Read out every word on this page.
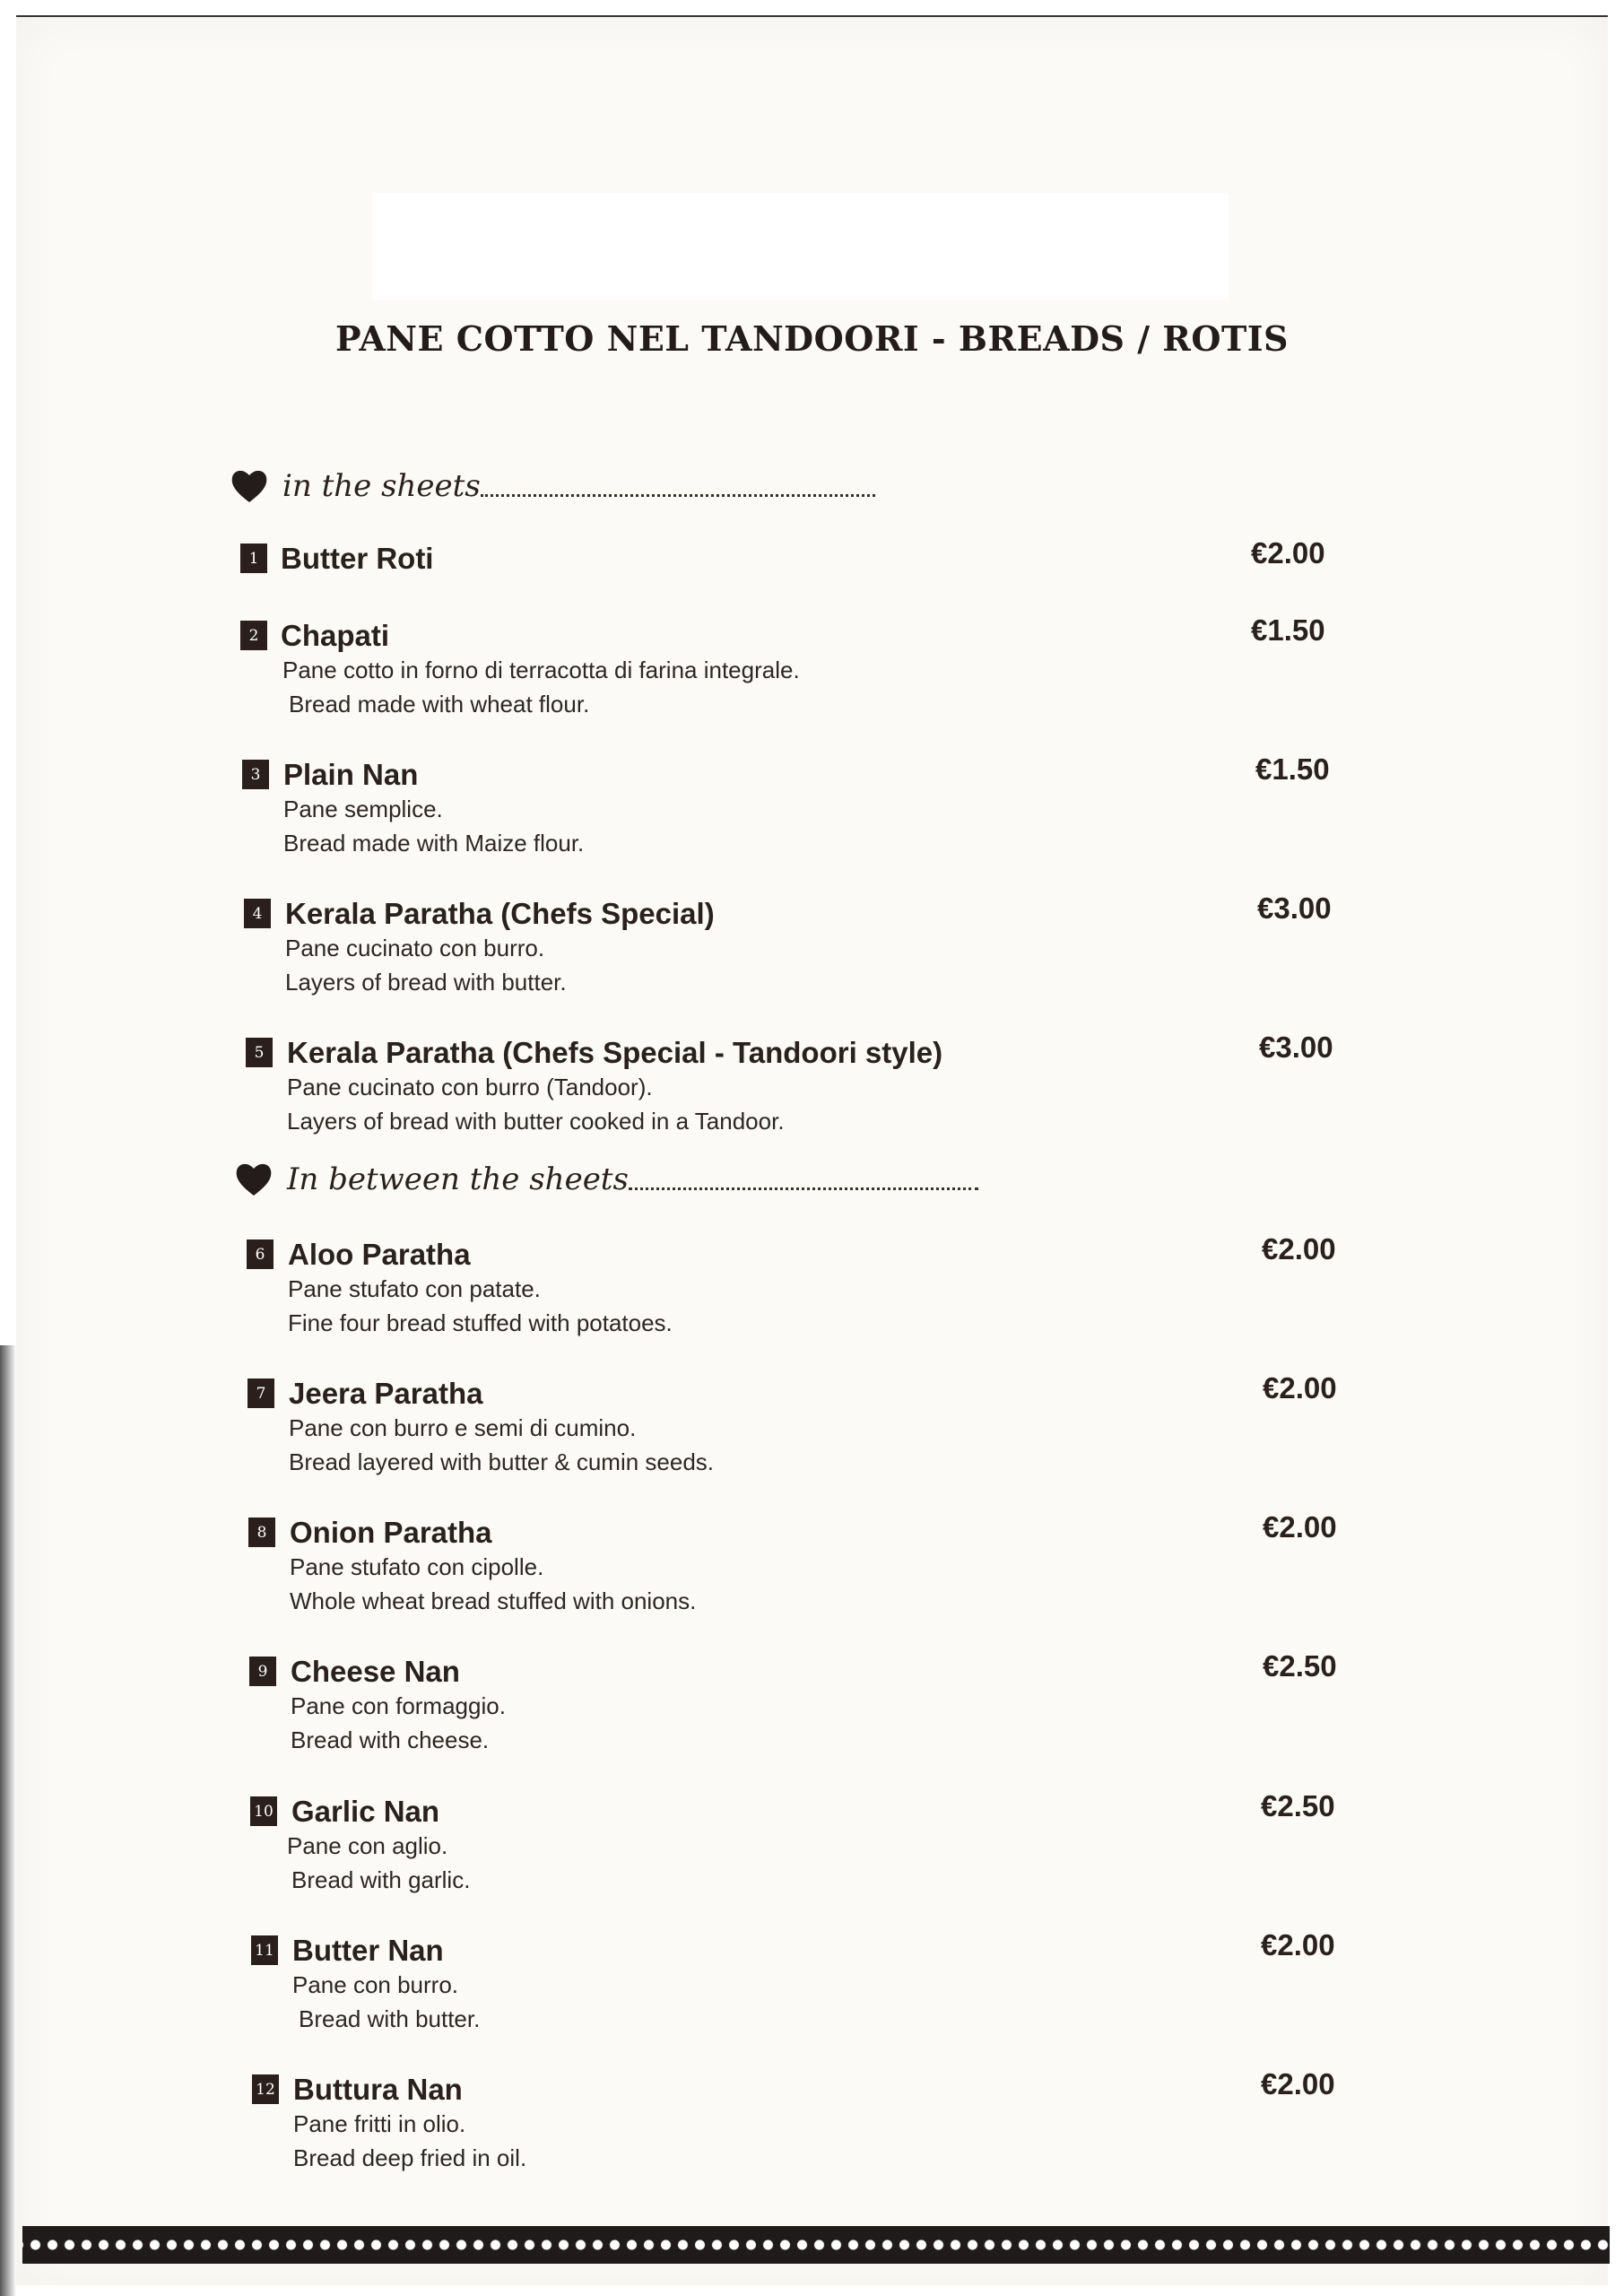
PANE COTTO NEL TANDOORI - BREADS / ROTIS
in the sheets
In between the sheets
1 Butter Roti	€2.00
2 Chapati
Pane cotto in forno di terracotta di farina integrale.
Bread made with wheat flour.
€1.50
3 Plain Nan
Pane semplice.
Bread made with Maize flour.
€1.50
4 Kerala Paratha (Chefs Special)
Pane cucinato con burro.
Layers of bread with butter.
€3.00
5 Kerala Paratha (Chefs Special - Tandoori style)
Pane cucinato con burro (Tandoor).
Layers of bread with butter cooked in a Tandoor.
€3.00
6 Aloo Paratha
Pane stufato con patate.
Fine four bread stuffed with potatoes.
€2.00
7 Jeera Paratha
Pane con burro e semi di cumino.
Bread layered with butter & cumin seeds.
€2.00
8 Onion Paratha
Pane stufato con cipolle.
Whole wheat bread stuffed with onions.
€2.00
9 Cheese Nan
Pane con formaggio.
Bread with cheese.
€2.50
10 Garlic Nan
Pane con aglio.
Bread with garlic.
€2.50
11 Butter Nan
Pane con burro.
Bread with butter.
€2.00
12 Buttura Nan
Pane fritti in olio.
Bread deep fried in oil.
€2.00
